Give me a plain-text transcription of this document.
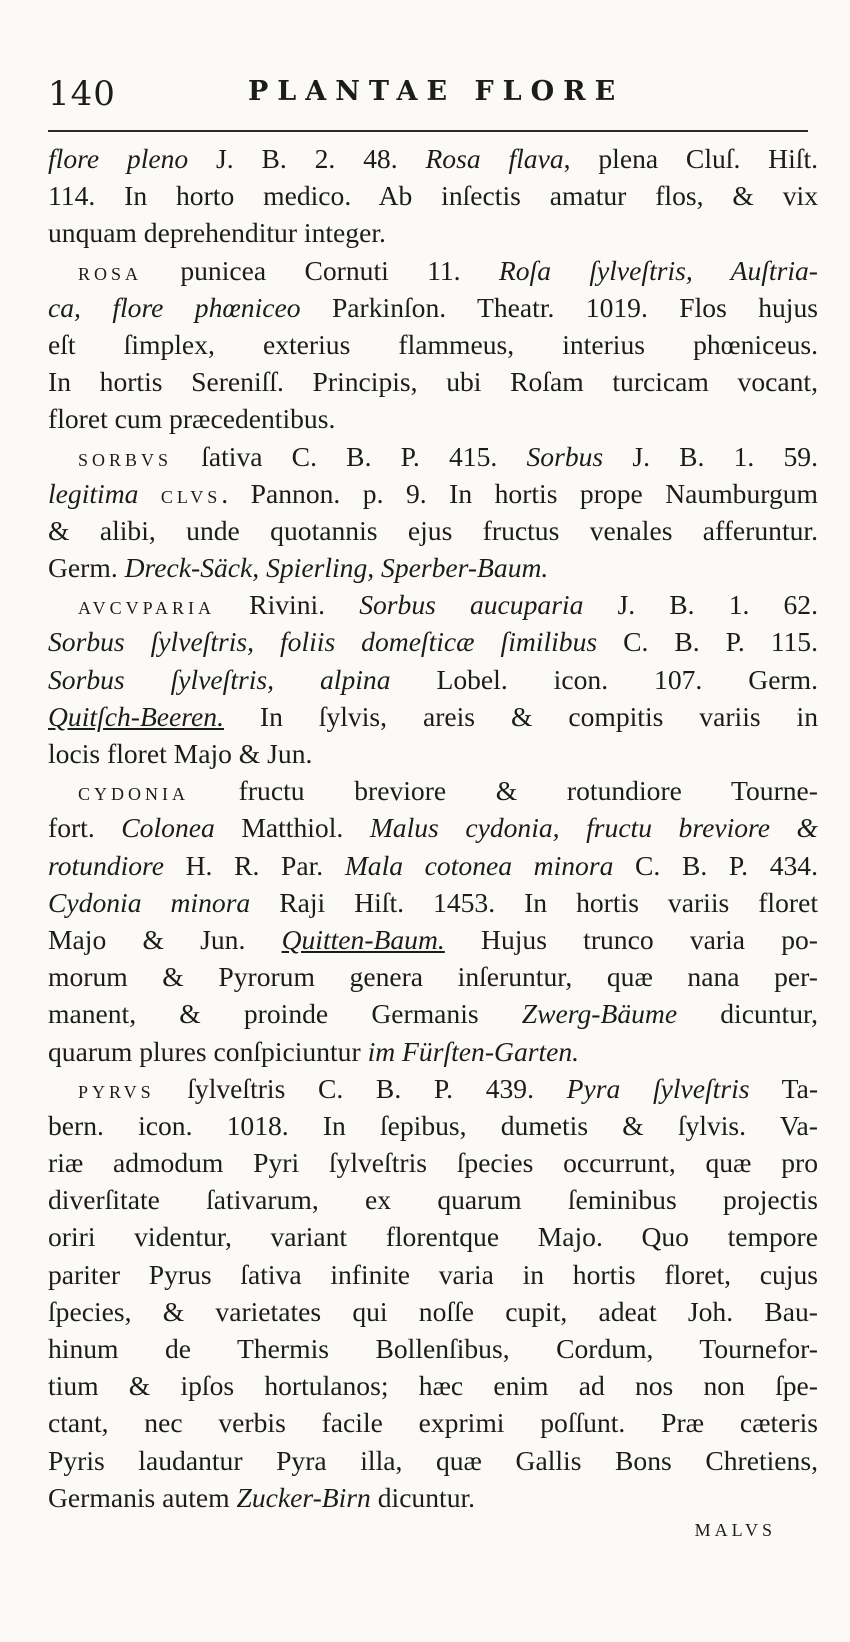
140	PLANTAE FLORE
flore pleno J. B. 2. 48. Rosa flava, plena Cluſ. Hiſt.
114. In horto medico. Ab inſectis amatur flos, & vix
unquam deprehenditur integer.
ROSA punicea Cornuti 11. Roſa ſylveſtris, Auſtria-
ca, flore phœniceo Parkinſon. Theatr. 1019. Flos hujus
eſt ſimplex, exterius flammeus, interius phœniceus.
In hortis Sereniſſ. Principis, ubi Roſam turcicam vocant,
floret cum præcedentibus.
SORBVS ſativa C. B. P. 415. Sorbus J. B. 1. 59.
legitima CLVS. Pannon. p. 9. In hortis prope Naumburgum
& alibi, unde quotannis ejus fructus venales afferuntur.
Germ. Dreck-Säck, Spierling, Sperber-Baum.
AVCVPARIA Rivini. Sorbus aucuparia J. B. 1. 62.
Sorbus ſylveſtris, foliis domeſticæ ſimilibus C. B. P. 115.
Sorbus ſylveſtris, alpina Lobel. icon. 107. Germ.
Quitſch-Beeren. In ſylvis, areis & compitis variis in
locis floret Majo & Jun.
CYDONIA fructu breviore & rotundiore Tourne-
fort. Colonea Matthiol. Malus cydonia, fructu breviore &
rotundiore H. R. Par. Mala cotonea minora C. B. P. 434.
Cydonia minora Raji Hiſt. 1453. In hortis variis floret
Majo & Jun. Quitten-Baum. Hujus trunco varia po-
morum & Pyrorum genera inſeruntur, quæ nana per-
manent, & proinde Germanis Zwerg-Bäume dicuntur,
quarum plures conſpiciuntur im Fürſten-Garten.
PYRVS ſylveſtris C. B. P. 439. Pyra ſylveſtris Ta-
bern. icon. 1018. In ſepibus, dumetis & ſylvis. Va-
riæ admodum Pyri ſylveſtris ſpecies occurrunt, quæ pro
diverſitate ſativarum, ex quarum ſeminibus projectis
oriri videntur, variant florentque Majo. Quo tempore
pariter Pyrus ſativa infinite varia in hortis floret, cujus
ſpecies, & varietates qui noſſe cupit, adeat Joh. Bau-
hinum de Thermis Bollenſibus, Cordum, Tournefor-
tium & ipſos hortulanos; hæc enim ad nos non ſpe-
ctant, nec verbis facile exprimi poſſunt. Præ cæteris
Pyris laudantur Pyra illa, quæ Gallis Bons Chretiens,
Germanis autem Zucker-Birn dicuntur.
MALVS
